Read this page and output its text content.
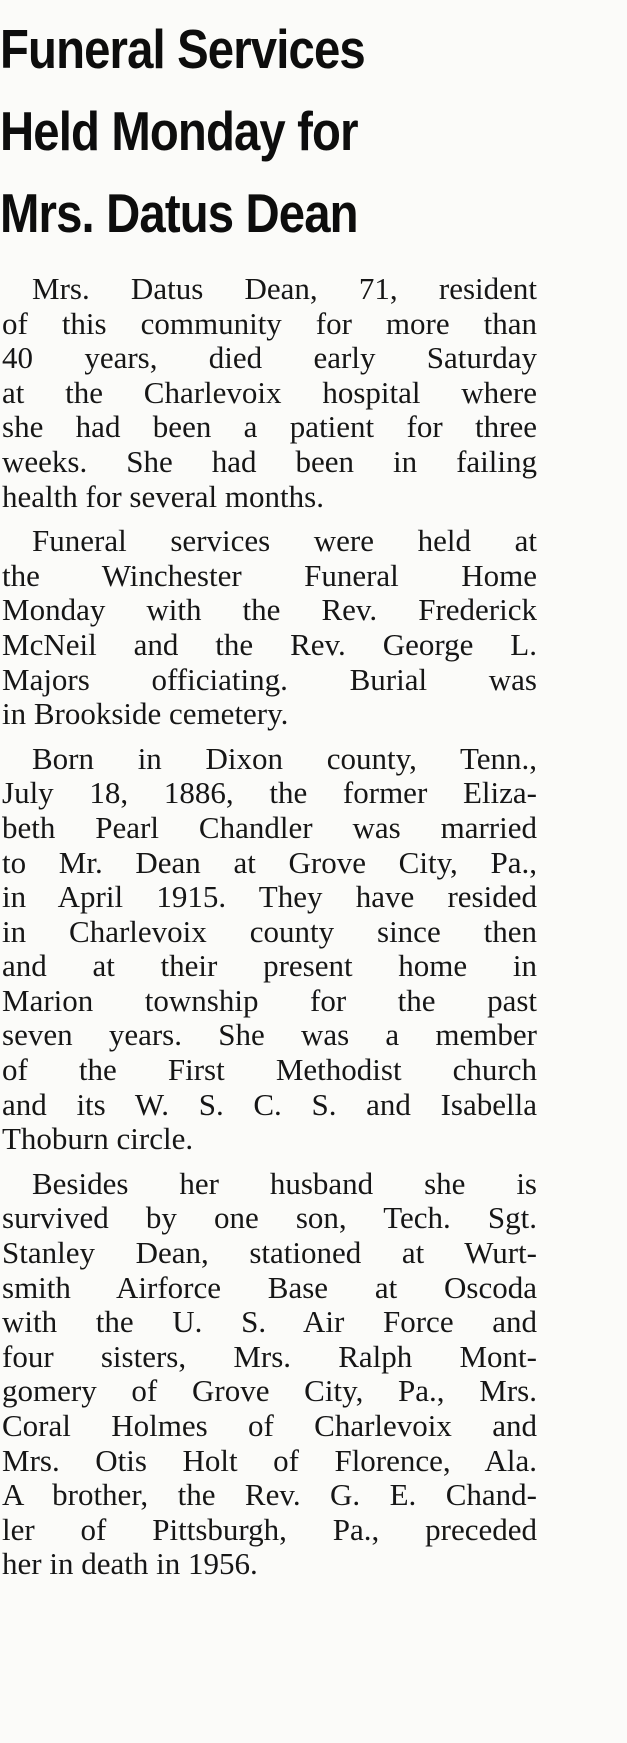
Funeral Services
Held Monday for
Mrs. Datus Dean

Mrs. Datus Dean, 71, resident
of this community for more than
40 years, died early Saturday
at the Charlevoix hospital where
she had been a patient for three
weeks. She had been in failing
health for several months.

Funeral services were held at
the Winchester Funeral Home
Monday with the Rev. Frederick
McNeil and the Rev. George L.
Majors officiating. Burial was
in Brookside cemetery.

Born in Dixon county, Tenn.,
July 18, 1886, the former Eliza-
beth Pearl Chandler was married
to Mr. Dean at Grove City, Pa.,
in April 1915. They have resided
in Charlevoix county since then
and at their present home in
Marion township for the past
seven years. She was a member
of the First Methodist church
and its W. S. C. S. and Isabella
Thoburn circle.

Besides her husband she is
survived by one son, Tech. Sgt.
Stanley Dean, stationed at Wurt-
smith Airforce Base at Oscoda
with the U. S. Air Force and
four sisters, Mrs. Ralph Mont-
gomery of Grove City, Pa., Mrs.
Coral Holmes of Charlevoix and
Mrs. Otis Holt of Florence, Ala.
A brother, the Rev. G. E. Chand-
ler of Pittsburgh, Pa., preceded
her in death in 1956.
